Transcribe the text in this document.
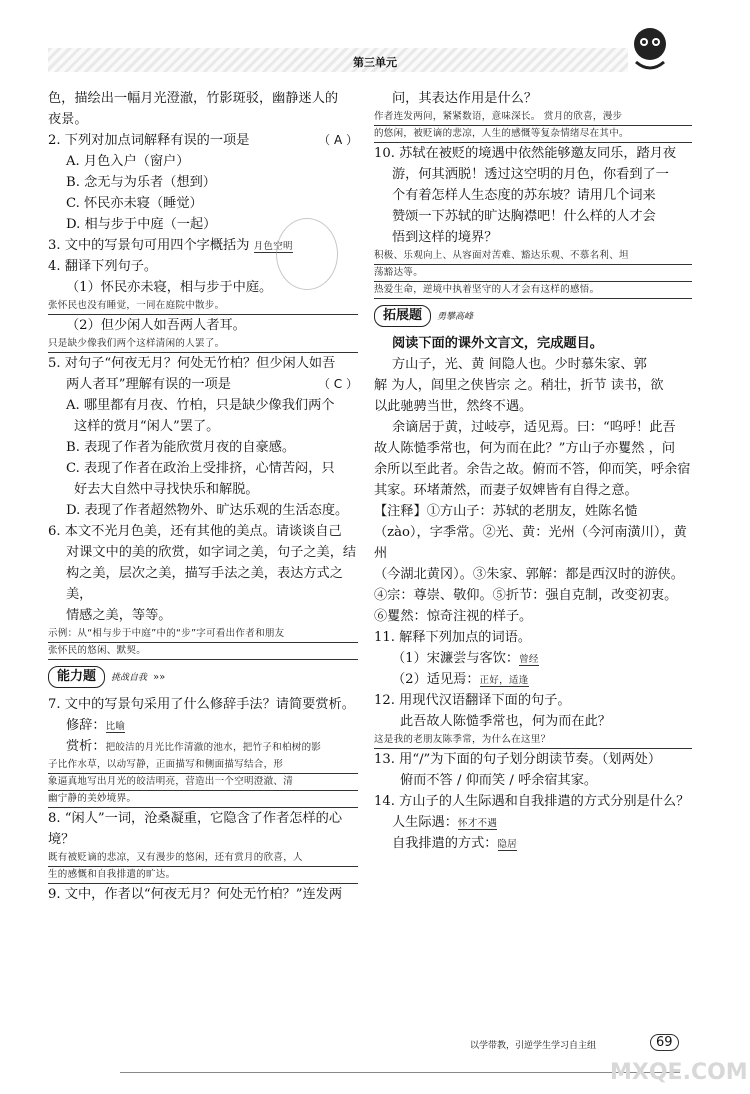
第三单元

色，描绘出一幅月光澄澈，竹影斑驳，幽静迷人的

夜景。

2. 下列对加点词解释有误的一项是	（ A ）

A. 月色入户（窗户）

B. 念无与为乐者（想到）

C. 怀民亦未寝（睡觉）

D. 相与步于中庭（一起）

3. 文中的写景句可用四个字概括为 月色空明

4. 翻译下列句子。

（1）怀民亦未寝，相与步于中庭。

张怀民也没有睡觉，一同在庭院中散步。

（2）但少闲人如吾两人者耳。

只是缺少像我们两个这样清闲的人罢了。

5. 对句子“何夜无月？何处无竹柏？但少闲人如吾

两人者耳”理解有误的一项是	（ C ）

A. 哪里都有月夜、竹柏，只是缺少像我们两个

这样的赏月“闲人”罢了。

B. 表现了作者为能欣赏月夜的自豪感。

C. 表现了作者在政治上受排挤，心情苦闷，只

好去大自然中寻找快乐和解脱。

D. 表现了作者超然物外、旷达乐观的生活态度。

6. 本文不光月色美，还有其他的美点。请谈谈自己

对课文中的美的欣赏，如字词之美，句子之美，结

构之美，层次之美，描写手法之美，表达方式之美，

情感之美，等等。

示例：从“相与步于中庭”中的“步”字可看出作者和朋友

张怀民的悠闲、默契。

能力题 挑战自我 »»

7. 文中的写景句采用了什么修辞手法？请简要赏析。

修辞：比喻

赏析：把皎洁的月光比作清澈的池水，把竹子和柏树的影

子比作水草，以动写静，正面描写和侧面描写结合，形

象逼真地写出月光的皎洁明亮，营造出一个空明澄澈、清

幽宁静的美妙境界。

8. “闲人”一词，沧桑凝重，它隐含了作者怎样的心境？

既有被贬谪的悲凉，又有漫步的悠闲，还有赏月的欣喜，人

生的感慨和自我排遣的旷达。

9. 文中，作者以“何夜无月？何处无竹柏？”连发两

问，其表达作用是什么？

作者连发两问，紧紧数语，意味深长。 赏月的欣喜，漫步

的悠闲，被贬谪的悲凉，人生的感慨等复杂情绪尽在其中。

10. 苏轼在被贬的境遇中依然能够邀友同乐，踏月夜

游，何其洒脱！透过这空明的月色，你看到了一

个有着怎样人生态度的苏东坡？请用几个词来

赞颂一下苏轼的旷达胸襟吧！什么样的人才会

悟到这样的境界？

积极、乐观向上、从容面对苦难、豁达乐观、不慕名利、坦

荡豁达等。

热爱生命，逆境中执着坚守的人才会有这样的感悟。

拓展题 勇攀高峰

阅读下面的课外文言文，完成题目。

方山子，光、黄 间隐人也。少时慕朱家、郭

解 为人，闾里之侠皆宗 之。稍壮，折节 读书，欲

以此驰骋当世，然终不遇。

余谪居于黄，过岐亭，适见焉。曰：“呜呼！此吾

故人陈慥季常也，何为而在此？”方山子亦矍然 ，问

余所以至此者。余告之故。俯而不答，仰而笑，呼余宿

其家。环堵萧然，而妻子奴婢皆有自得之意。

【注释】①方山子：苏轼的老朋友，姓陈名慥

（zào），字季常。②光、黄：光州（今河南潢川），黄州

（今湖北黄冈）。③朱家、郭解：都是西汉时的游侠。

④宗：尊崇、敬仰。⑤折节：强自克制，改变初衷。

⑥矍然：惊奇注视的样子。

11. 解释下列加点的词语。

（1）宋濂尝与客饮：曾经

（2）适见焉：正好，适逢

12. 用现代汉语翻译下面的句子。

此吾故人陈慥季常也，何为而在此？

这是我的老朋友陈季常，为什么在这里？

13. 用“/”为下面的句子划分朗读节奏。（划两处）

俯而不答 / 仰而笑 / 呼余宿其家。

14. 方山子的人生际遇和自我排遣的方式分别是什么？

人生际遇：怀才不遇

自我排遣的方式：隐居

以学带教，引逆学生学习自主组	69
MXQE.COM
